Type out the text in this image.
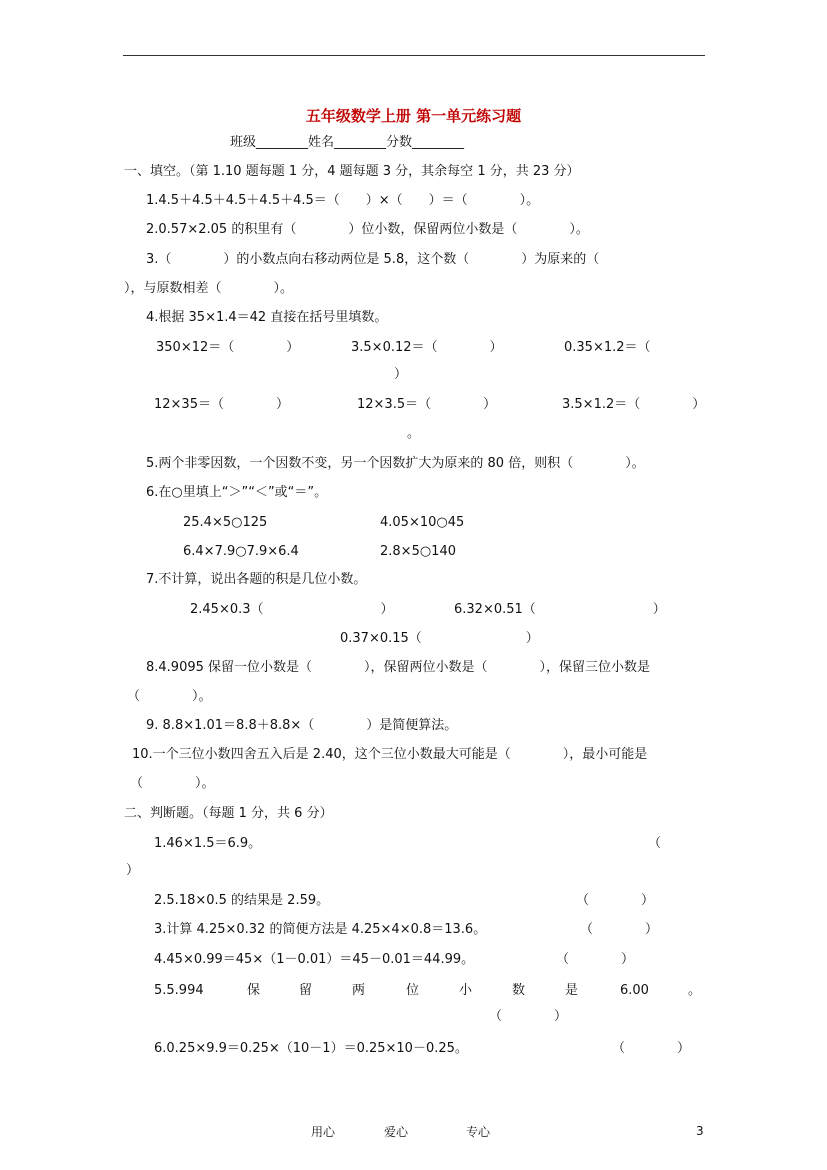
五年级数学上册 第一单元练习题
班级________姓名________分数________
一、填空。（第 1.10 题每题 1 分，4 题每题 3 分，其余每空 1 分，共 23 分）
1.4.5＋4.5＋4.5＋4.5＋4.5＝（　　）×（　　）＝（　　　　）。
2.0.57×2.05 的积里有（　　　　）位小数，保留两位小数是（　　　　）。
3.（　　　　）的小数点向右移动两位是 5.8，这个数（　　　　）为原来的（
），与原数相差（　　　　）。
4.根据 35×1.4＝42 直接在括号里填数。
350×12＝（　　　　）	3.5×0.12＝（　　　　）	0.35×1.2＝（
）
12×35＝（　　　　）	12×3.5＝（　　　　）	3.5×1.2＝（　　　　）
。
5.两个非零因数，一个因数不变，另一个因数扩大为原来的 80 倍，则积（　　　　）。
6.在○里填上“＞”“＜”或“＝”。
25.4×5○125	4.05×10○45
6.4×7.9○7.9×6.4	2.8×5○140
7.不计算，说出各题的积是几位小数。
2.45×0.3（　　　　　　　　　）	6.32×0.51（　　　　　　　　　）
0.37×0.15（　　　　　　　　）
8.4.9095 保留一位小数是（　　　　），保留两位小数是（　　　　），保留三位小数是
（　　　　）。
9. 8.8×1.01＝8.8＋8.8×（　　　　）是简便算法。
10.一个三位小数四舍五入后是 2.40，这个三位小数最大可能是（　　　　），最小可能是
（　　　　）。
二、判断题。（每题 1 分，共 6 分）
1.46×1.5＝6.9。	（
）
2.5.18×0.5 的结果是 2.59。	（　　　　）
3.计算 4.25×0.32 的简便方法是 4.25×4×0.8＝13.6。	（　　　　）
4.45×0.99＝45×（1－0.01）＝45－0.01＝44.99。	（　　　　）
5.5.994	保	留	两	位	小	数	是	6.00	。
（　　　　）
6.0.25×9.9＝0.25×（10－1）＝0.25×10－0.25。	（　　　　）
用心	爱心	专心	3
